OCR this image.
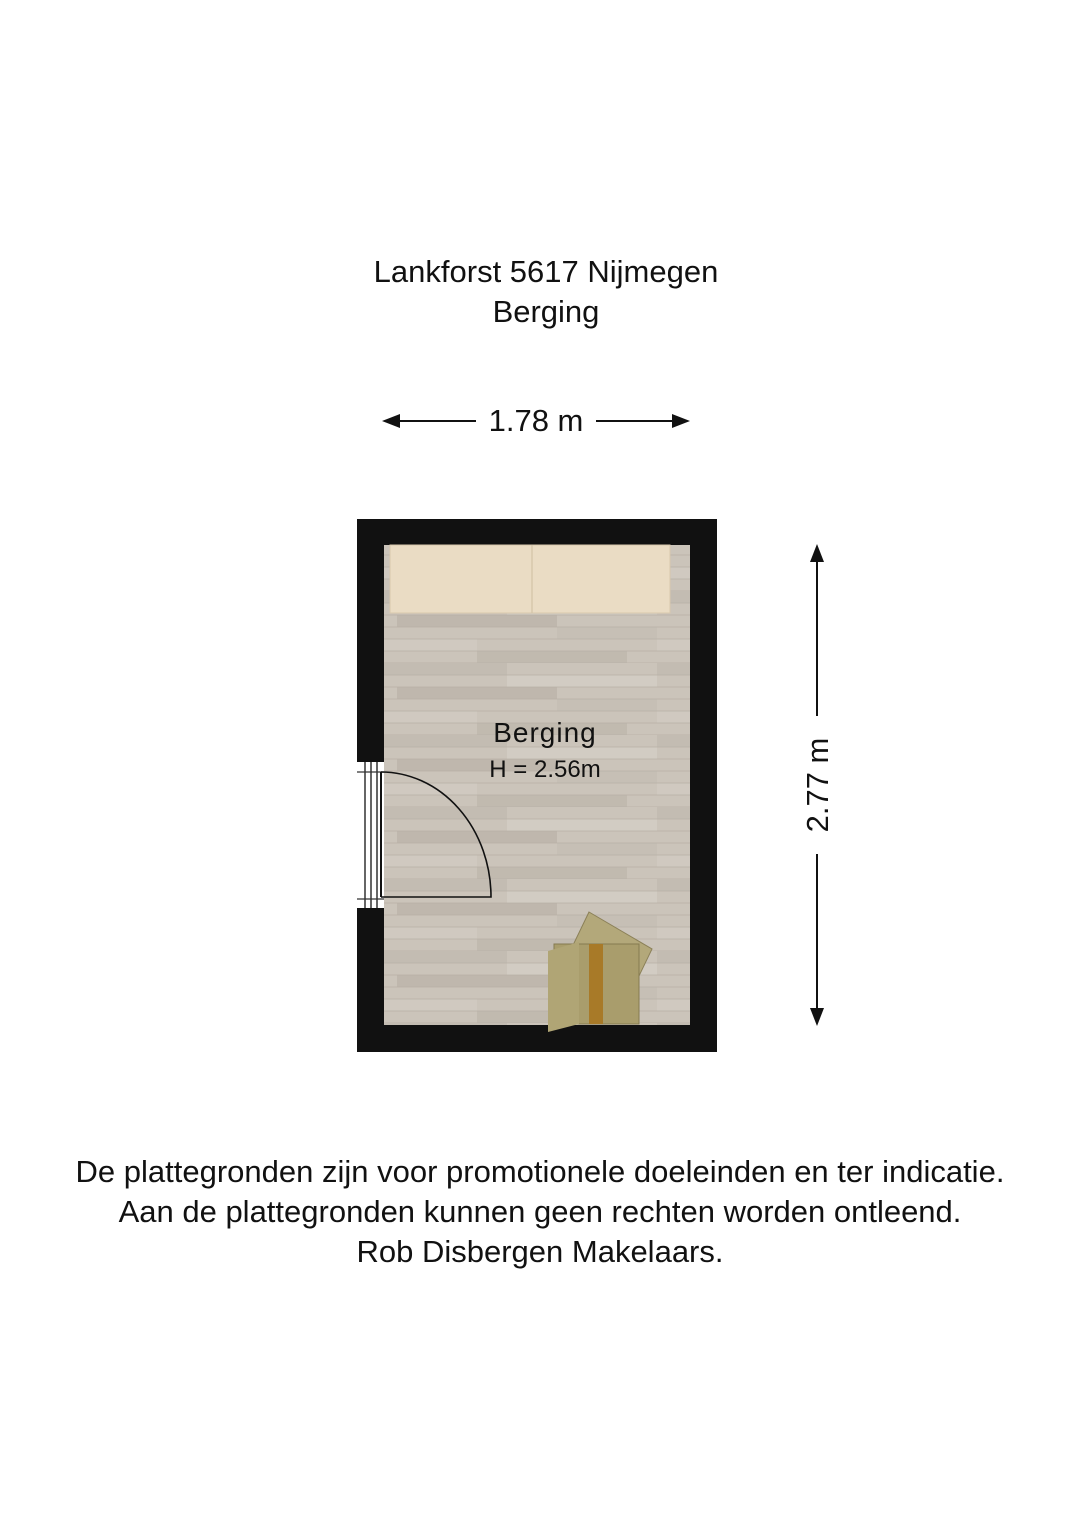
Lankforst 5617 Nijmegen
Berging
1.78 m
2.77 m
Berging
H = 2.56m
De plattegronden zijn voor promotionele doeleinden en ter indicatie.
Aan de plattegronden kunnen geen rechten worden ontleend.
Rob Disbergen Makelaars.
